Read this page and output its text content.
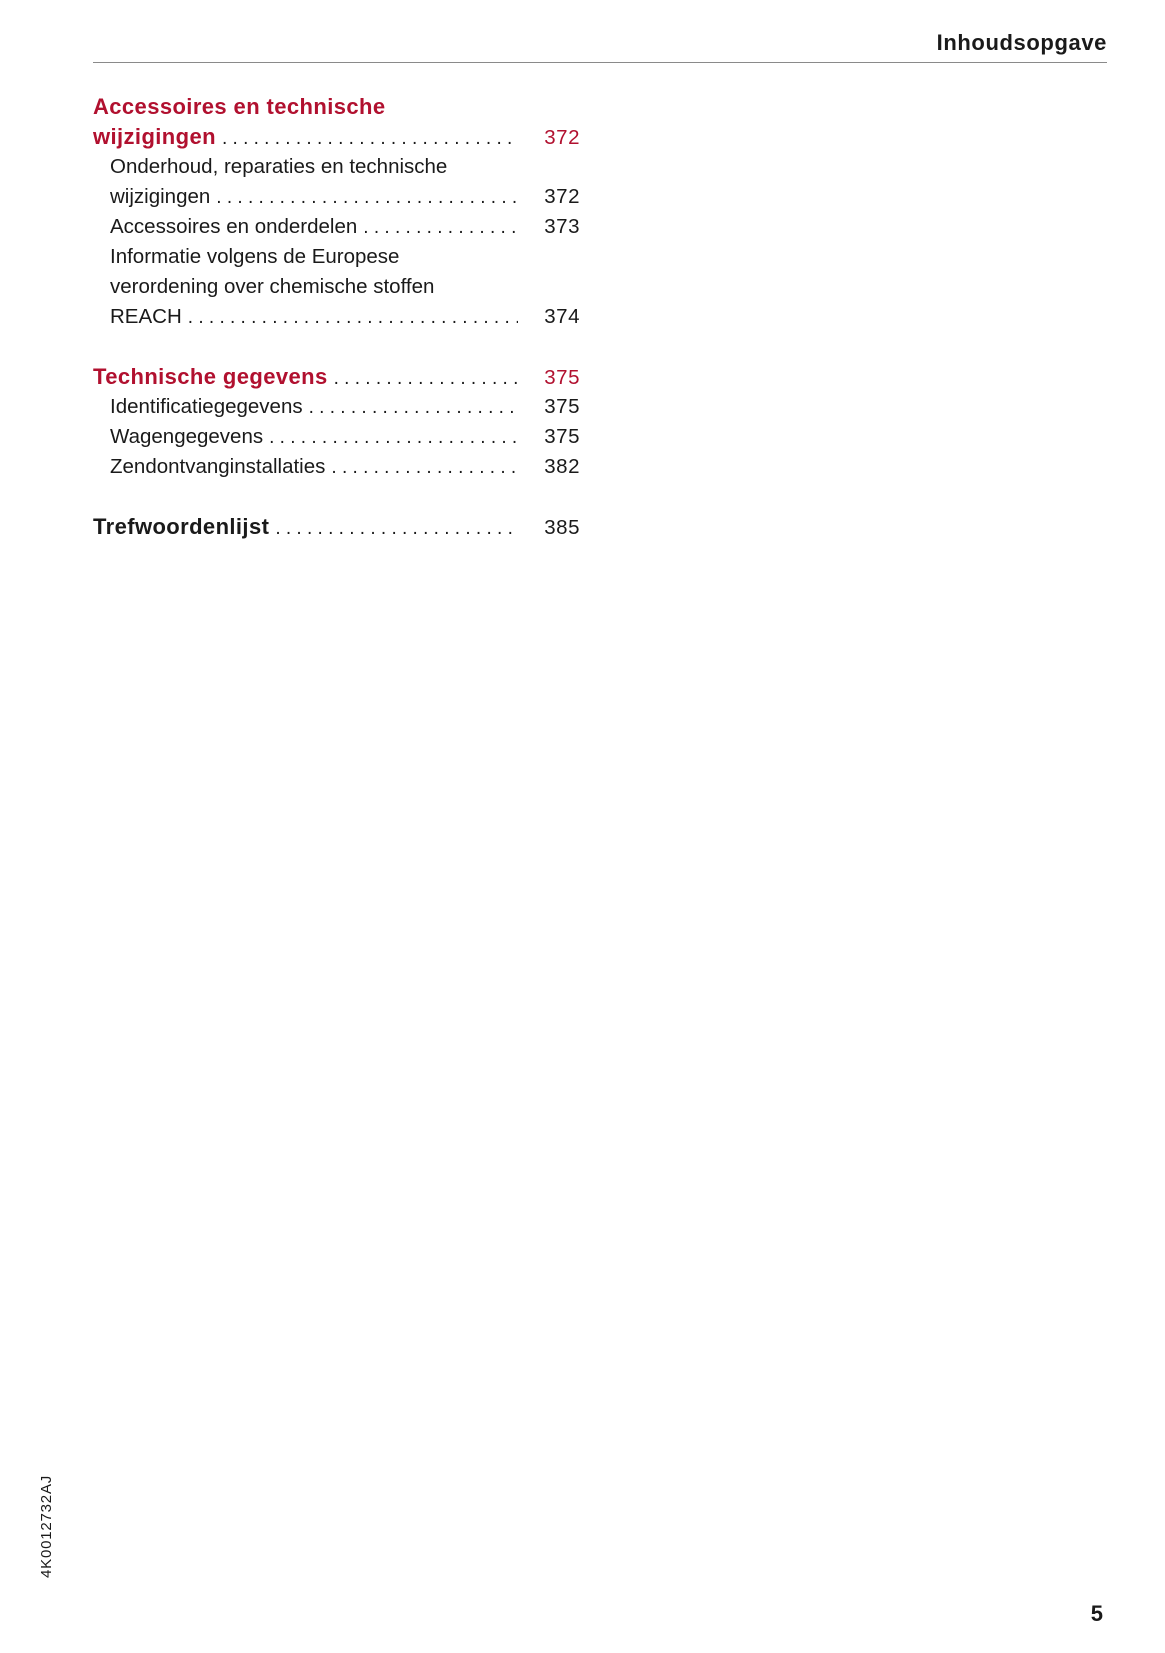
Inhoudsopgave
Accessoires en technische
wijzigingen . . .	372
Onderhoud, reparaties en technische
wijzigingen . . .	372
Accessoires en onderdelen . . .	373
Informatie volgens de Europese
verordening over chemische stoffen
REACH . . .	374
Technische gegevens . . .	375
Identificatiegegevens . . .	375
Wagengegevens . . .	375
Zendontvanginstallaties . . .	382
Trefwoordenlijst . . .	385
4K0012732AJ
5
